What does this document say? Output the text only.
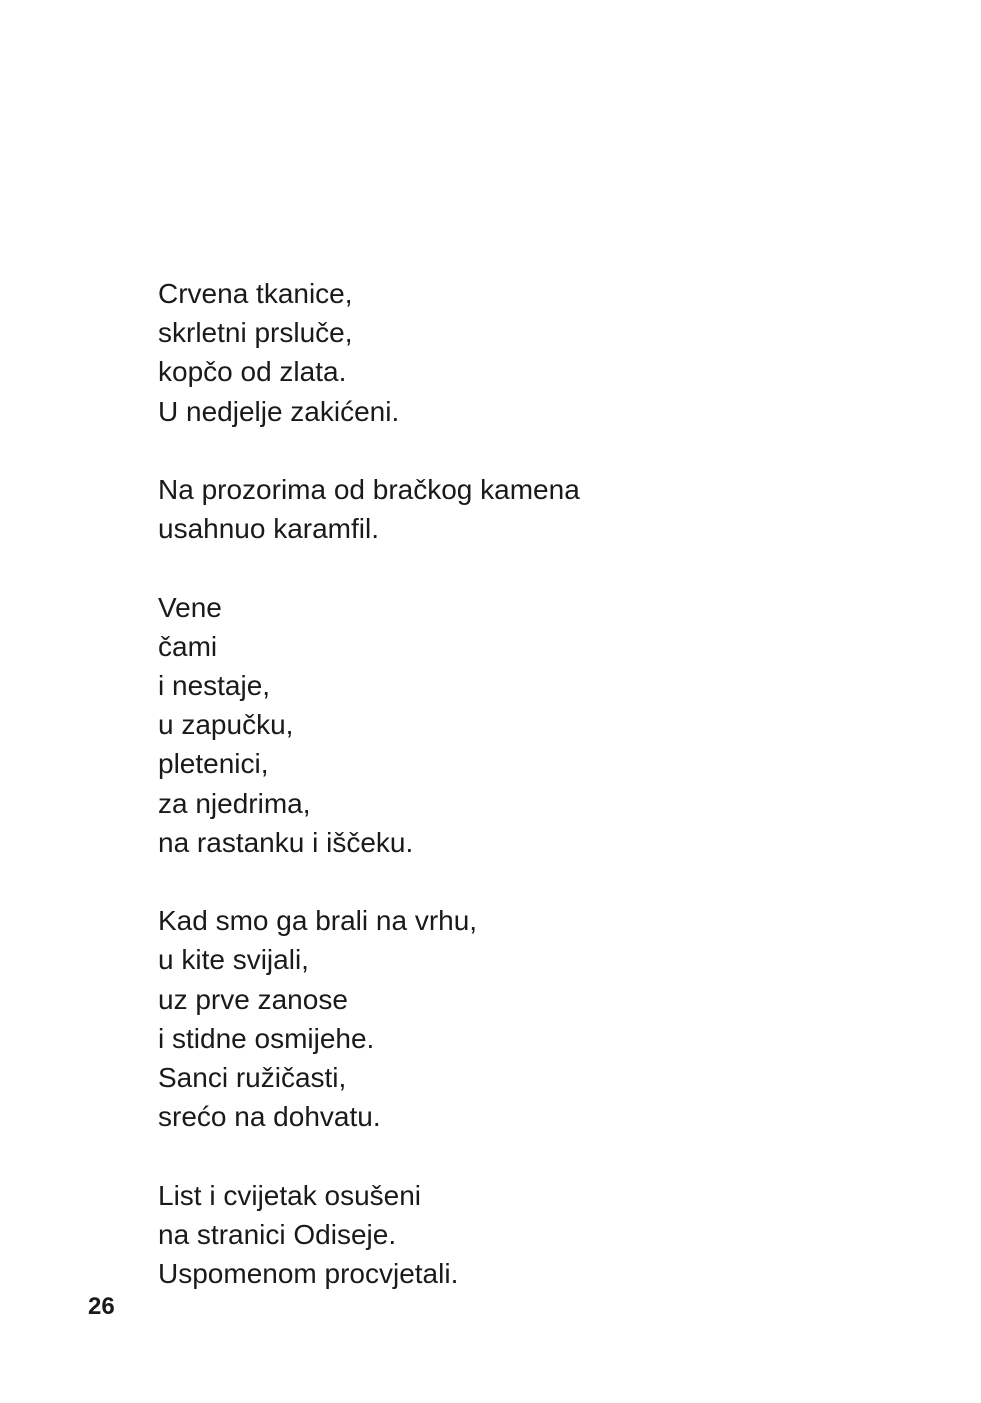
Crvena tkanice,
skrletni prsluče,
kopčo od zlata.
U nedjelje zakićeni.
Na prozorima od bračkog kamena
usahnuo karamfil.
Vene
čami
i nestaje,
u zapučku,
pletenici,
za njedrima,
na rastanku i iščeku.
Kad smo ga brali na vrhu,
u kite svijali,
uz prve zanose
i stidne osmijehe.
Sanci ružičasti,
srećo na dohvatu.
List i cvijetak osušeni
na stranici Odiseje.
Uspomenom procvjetali.
26
